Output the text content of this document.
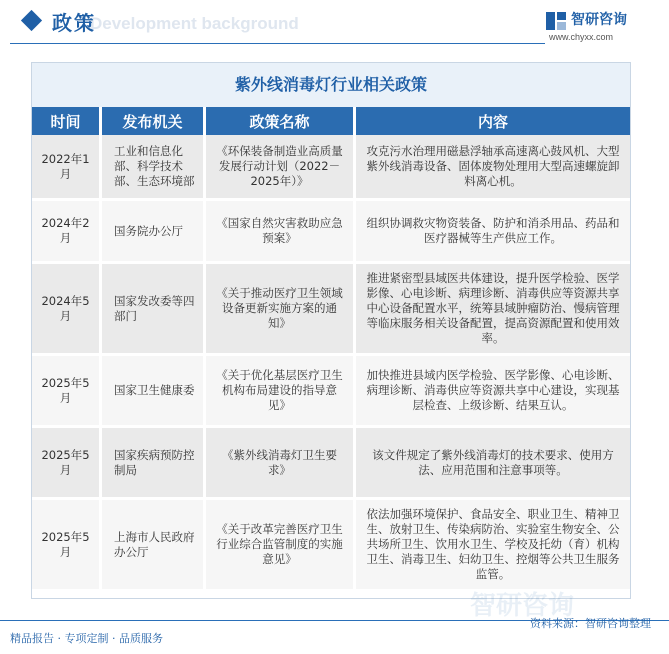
Development background
政策	智研咨询
www.chyxx.com
紫外线消毒灯行业相关政策
时间	发布机关	政策名称	内容
2022年1月	工业和信息化部、科学技术部、生态环境部	《环保装备制造业高质量发展行动计划（2022－2025年）》	攻克污水治理用磁悬浮轴承高速离心鼓风机、大型紫外线消毒设备、固体废物处理用大型高速螺旋卸料离心机。
2024年2月	国务院办公厅	《国家自然灾害救助应急预案》	组织协调救灾物资装备、防护和消杀用品、药品和医疗器械等生产供应工作。
2024年5月	国家发改委等四部门	《关于推动医疗卫生领域设备更新实施方案的通知》	推进紧密型县域医共体建设，提升医学检验、医学影像、心电诊断、病理诊断、消毒供应等资源共享中心设备配置水平，统筹县域肿瘤防治、慢病管理等临床服务相关设备配置，提高资源配置和使用效率。
2025年5月	国家卫生健康委	《关于优化基层医疗卫生机构布局建设的指导意见》	加快推进县域内医学检验、医学影像、心电诊断、病理诊断、消毒供应等资源共享中心建设，实现基层检查、上级诊断、结果互认。
2025年5月	国家疾病预防控制局	《紫外线消毒灯卫生要求》	该文件规定了紫外线消毒灯的技术要求、使用方法、应用范围和注意事项等。
2025年5月	上海市人民政府办公厅	《关于改革完善医疗卫生行业综合监管制度的实施意见》	依法加强环境保护、食品安全、职业卫生、精神卫生、放射卫生、传染病防治、实验室生物安全、公共场所卫生、饮用水卫生、学校及托幼（育）机构卫生、消毒卫生、妇幼卫生、控烟等公共卫生服务监管。
智研咨询
精品报告 · 专项定制 · 品质服务
资料来源：智研咨询整理
